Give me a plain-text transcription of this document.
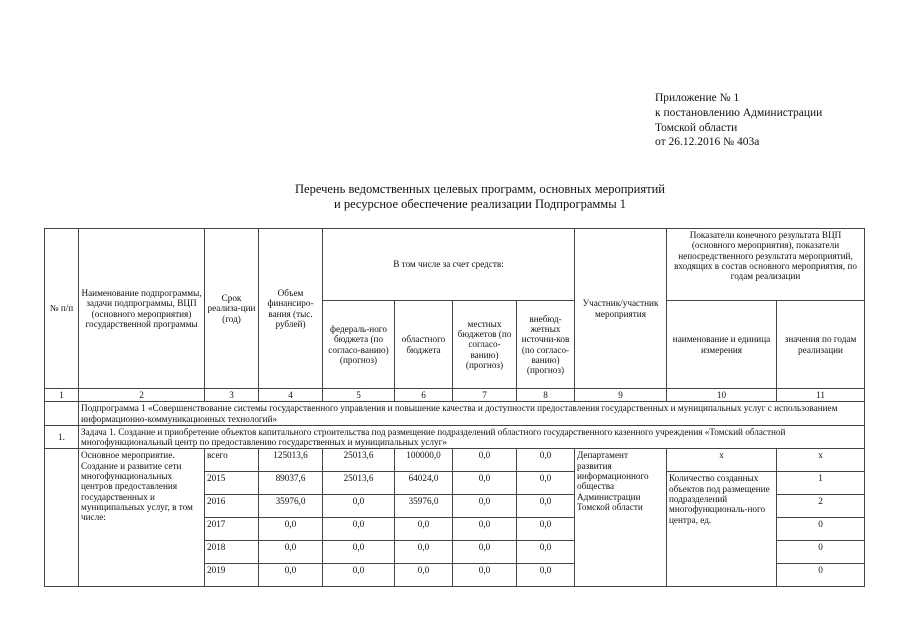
Приложение № 1
к постановлению Администрации
Томской области
от 26.12.2016 № 403а
Перечень ведомственных целевых программ, основных мероприятий
и ресурсное обеспечение реализации Подпрограммы 1
№ п/п	Наименование подпрограммы, задачи подпрограммы, ВЦП (основного мероприятия) государственной программы	Срок реализа-ции (год)	Объем финансиро-вания (тыс. рублей)	В том числе за счет средств:				Участник/участник мероприятия	Показатели конечного результата ВЦП (основного мероприятия), показатели непосредственного результата мероприятий, входящих в состав основного мероприятия, по годам реализации	
				федераль-ного бюджета (по согласо-ванию) (прогноз)	областного бюджета	местных бюджетов (по согласо-ванию) (прогноз)	внебюд-жетных источни-ков (по согласо-ванию) (прогноз)		наименование и единица измерения	значения по годам реализации
1	2	3	4	5	6	7	8	9	10	11
	Подпрограмма 1 «Совершенствование системы государственного управления и повышение качества и доступности предоставления государственных и муниципальных услуг с использованием информационно-коммуникационных технологий»									
1.	Задача 1. Создание и приобретение объектов капитального строительства под размещение подразделений областного государственного казенного учреждения «Томский областной многофункциональный центр по предоставлению государственных и муниципальных услуг»									
	Основное мероприятие. Создание и развитие сети многофункциональных центров предоставления государственных и муниципальных услуг, в том числе:	всего	125013,6	25013,6	100000,0	0,0	0,0	Департамент развития информационного общества Администрации Томской области	x	x
		2015	89037,6	25013,6	64024,0	0,0	0,0		Количество созданных объектов под размещение подразделений многофункциональ-ного центра, ед.	1
		2016	35976,0	0,0	35976,0	0,0	0,0			2
		2017	0,0	0,0	0,0	0,0	0,0			0
		2018	0,0	0,0	0,0	0,0	0,0			0
		2019	0,0	0,0	0,0	0,0	0,0			0
